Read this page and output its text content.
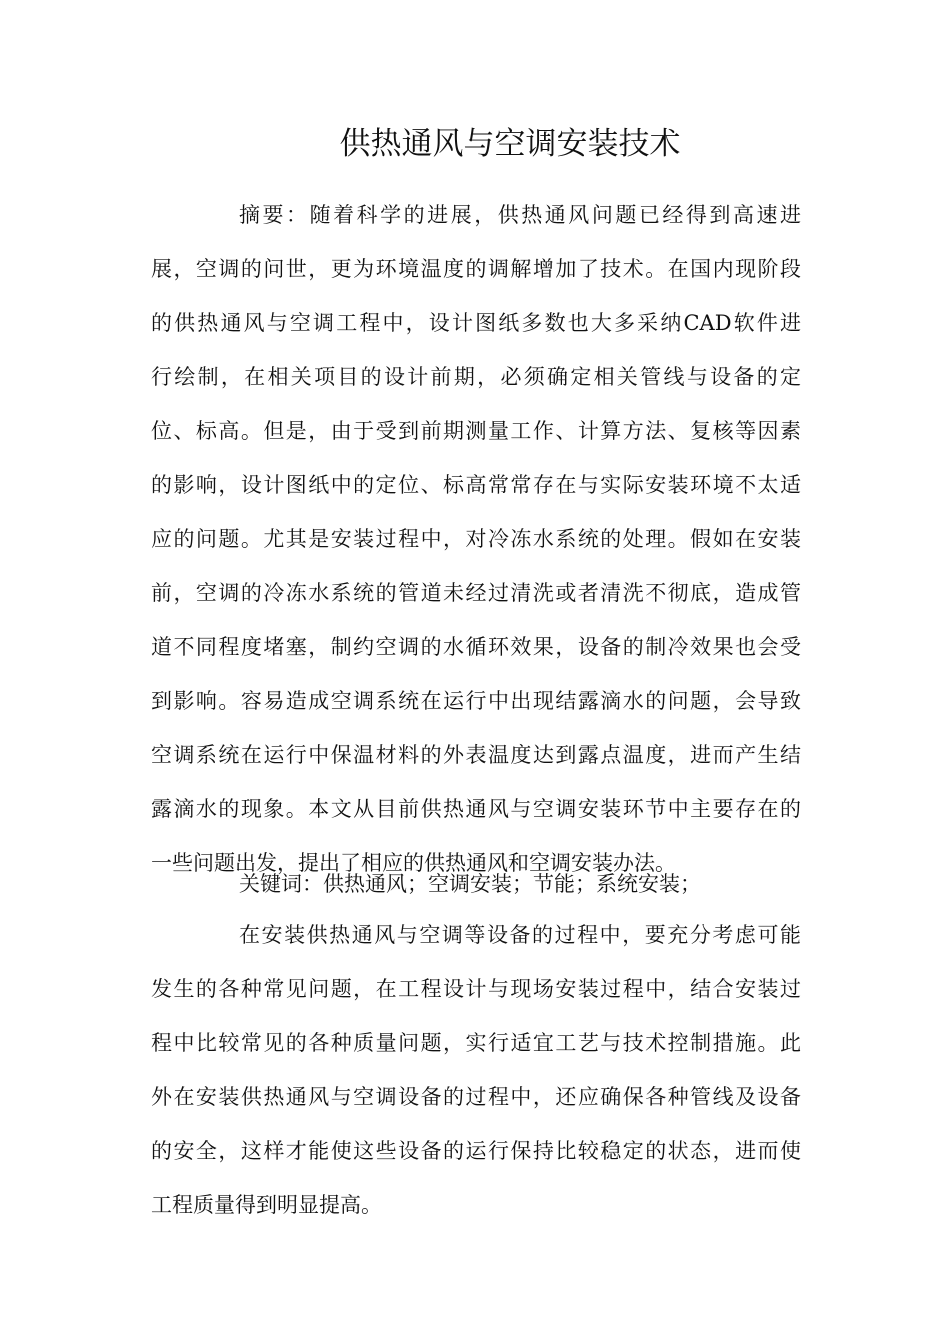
供热通风与空调安装技术
摘要：随着科学的进展，供热通风问题已经得到高速进
展，空调的问世，更为环境温度的调解增加了技术。在国内现阶段
的供热通风与空调工程中，设计图纸多数也大多采纳CAD软件进
行绘制，在相关项目的设计前期，必须确定相关管线与设备的定
位、标高。但是，由于受到前期测量工作、计算方法、复核等因素
的影响，设计图纸中的定位、标高常常存在与实际安装环境不太适
应的问题。尤其是安装过程中，对冷冻水系统的处理。假如在安装
前，空调的冷冻水系统的管道未经过清洗或者清洗不彻底，造成管
道不同程度堵塞，制约空调的水循环效果，设备的制冷效果也会受
到影响。容易造成空调系统在运行中出现结露滴水的问题，会导致
空调系统在运行中保温材料的外表温度达到露点温度，进而产生结
露滴水的现象。本文从目前供热通风与空调安装环节中主要存在的
一些问题出发，提出了相应的供热通风和空调安装办法。
关键词：供热通风；空调安装；节能；系统安装；
在安装供热通风与空调等设备的过程中，要充分考虑可能
发生的各种常见问题，在工程设计与现场安装过程中，结合安装过
程中比较常见的各种质量问题，实行适宜工艺与技术控制措施。此
外在安装供热通风与空调设备的过程中，还应确保各种管线及设备
的安全，这样才能使这些设备的运行保持比较稳定的状态，进而使
工程质量得到明显提高。
